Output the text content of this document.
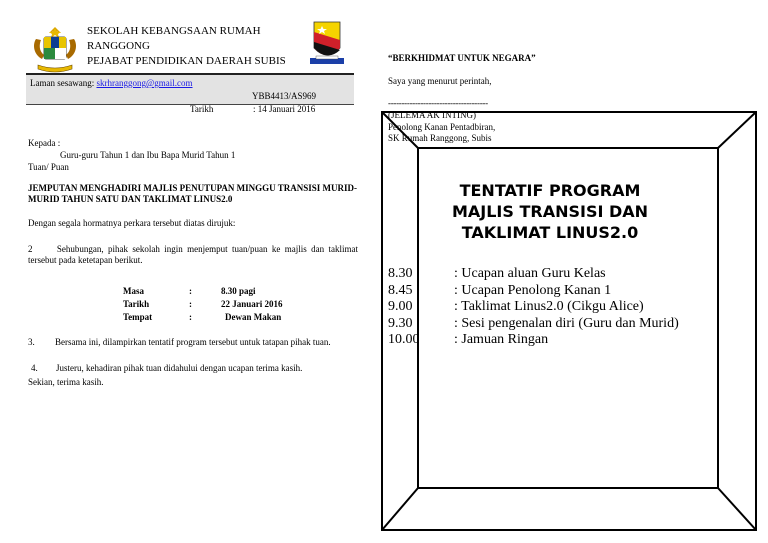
SEKOLAH KEBANGSAAN RUMAH
RANGGONG
PEJABAT PENDIDIKAN DAERAH SUBIS
Laman sesawang: skrhranggong@gmail.com
YBB4413/AS969
Tarikh	: 14 Januari 2016
Kepada :
Guru-guru Tahun 1 dan Ibu Bapa Murid Tahun 1
Tuan/ Puan
JEMPUTAN MENGHADIRI MAJLIS PENUTUPAN MINGGU TRANSISI MURID-MURID TAHUN SATU DAN TAKLIMAT LINUS2.0
Dengan segala hormatnya perkara tersebut diatas dirujuk:
2	Sehubungan, pihak sekolah ingin menjemput tuan/puan ke majlis dan taklimat tersebut pada ketetapan berikut.
Masa	:	8.30 pagi
Tarikh	:	22 Januari 2016
Tempat	:	Dewan Makan
3. Bersama ini, dilampirkan tentatif program tersebut untuk tatapan pihak tuan.
4. Justeru, kehadiran pihak tuan didahului dengan ucapan terima kasih.
Sekian, terima kasih.
“BERKHIDMAT UNTUK NEGARA”
Saya yang menurut perintah,
-------------------------------------
(JELEMA AK INTING)
Penolong Kanan Pentadbiran,
SK Rumah Ranggong, Subis
TENTATIF PROGRAM
MAJLIS TRANSISI DAN
TAKLIMAT LINUS2.0
8.30	: Ucapan aluan Guru Kelas
8.45	: Ucapan Penolong Kanan 1
9.00	: Taklimat Linus2.0 (Cikgu Alice)
9.30	: Sesi pengenalan diri (Guru dan Murid)
10.00	: Jamuan Ringan
